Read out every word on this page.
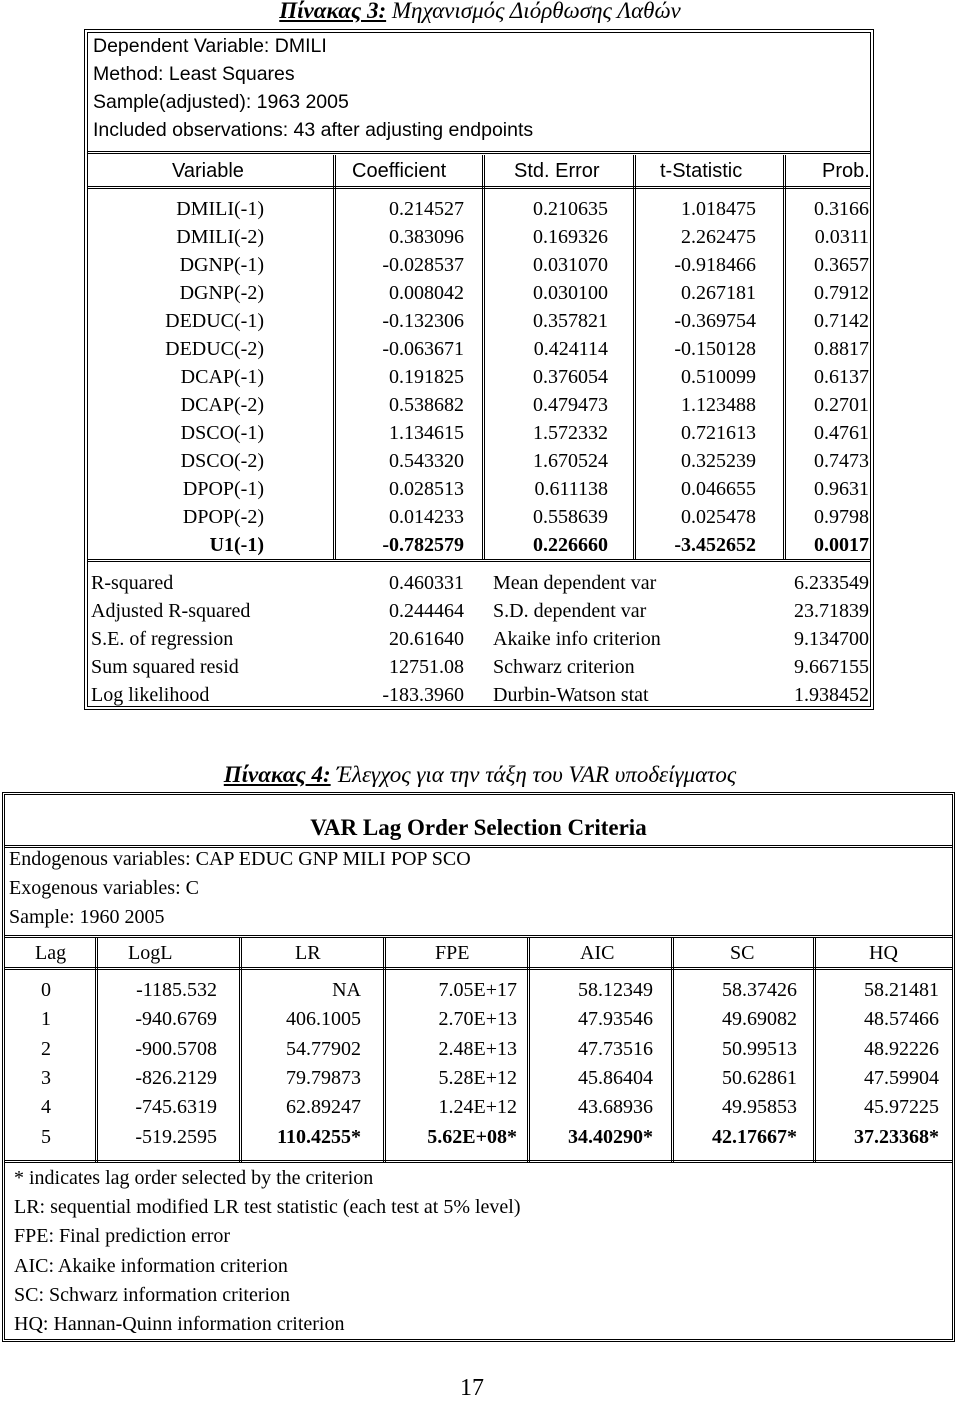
Πίνακας 3: Μηχανισμός Διόρθωσης Λαθών
Dependent Variable: DMILI
Method: Least Squares
Sample(adjusted): 1963 2005
Included observations: 43 after adjusting endpoints
Variable	Coefficient	Std. Error	t-Statistic	Prob.
DMILI(-1)	0.214527	0.210635	1.018475	0.3166
DMILI(-2)	0.383096	0.169326	2.262475	0.0311
DGNP(-1)	-0.028537	0.031070	-0.918466	0.3657
DGNP(-2)	0.008042	0.030100	0.267181	0.7912
DEDUC(-1)	-0.132306	0.357821	-0.369754	0.7142
DEDUC(-2)	-0.063671	0.424114	-0.150128	0.8817
DCAP(-1)	0.191825	0.376054	0.510099	0.6137
DCAP(-2)	0.538682	0.479473	1.123488	0.2701
DSCO(-1)	1.134615	1.572332	0.721613	0.4761
DSCO(-2)	0.543320	1.670524	0.325239	0.7473
DPOP(-1)	0.028513	0.611138	0.046655	0.9631
DPOP(-2)	0.014233	0.558639	0.025478	0.9798
U1(-1)	-0.782579	0.226660	-3.452652	0.0017
R-squared	0.460331 Mean dependent var	6.233549
Adjusted R-squared	0.244464 S.D. dependent var	23.71839
S.E. of regression	20.61640 Akaike info criterion	9.134700
Sum squared resid	12751.08 Schwarz criterion	9.667155
Log likelihood	-183.3960 Durbin-Watson stat	1.938452
Πίνακας 4: Έλεγχος για την τάξη του VAR υποδείγματος
VAR Lag Order Selection Criteria
Endogenous variables: CAP EDUC GNP MILI POP SCO
Exogenous variables: C
Sample: 1960 2005
Lag	LogL	LR	FPE	AIC	SC	HQ
0	-1185.532	NA	7.05E+17	58.12349	58.37426	58.21481
1	-940.6769	406.1005	2.70E+13	47.93546	49.69082	48.57466
2	-900.5708	54.77902	2.48E+13	47.73516	50.99513	48.92226
3	-826.2129	79.79873	5.28E+12	45.86404	50.62861	47.59904
4	-745.6319	62.89247	1.24E+12	43.68936	49.95853	45.97225
5	-519.2595	110.4255*	5.62E+08*	34.40290*	42.17667*	37.23368*
* indicates lag order selected by the criterion
LR: sequential modified LR test statistic (each test at 5% level)
FPE: Final prediction error
AIC: Akaike information criterion
SC: Schwarz information criterion
HQ: Hannan-Quinn information criterion
17
